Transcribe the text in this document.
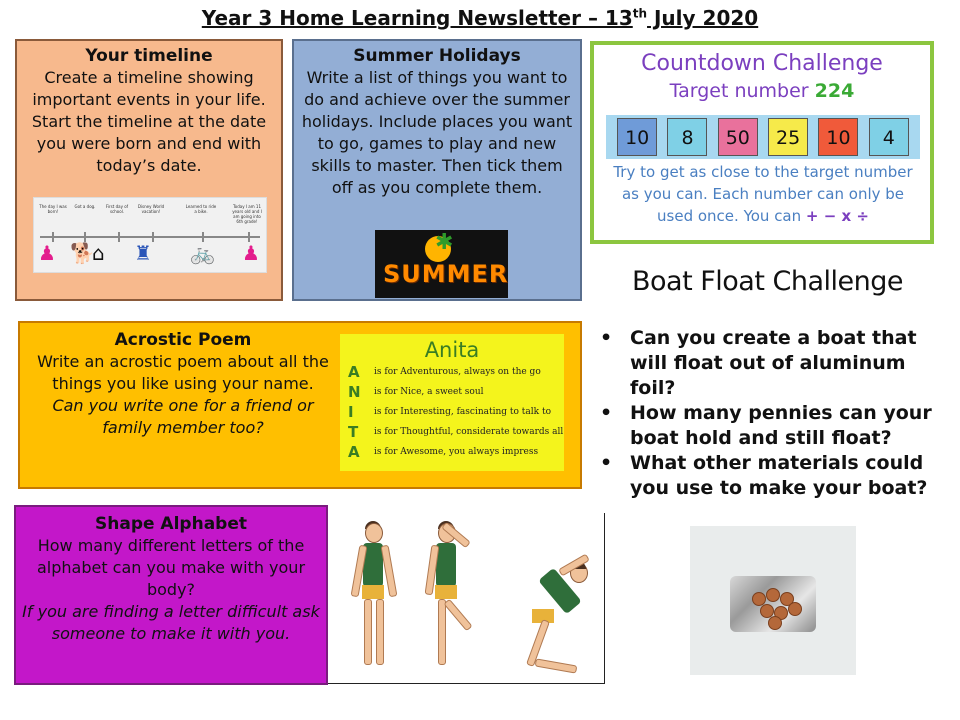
Year 3 Home Learning Newsletter – 13th July 2020
Your timeline

Create a timeline showing important events in your life. Start the timeline at the date you were born and end with today’s date.

The day I was born!
Got a dog.	First day of school.
Disney World vacation!
Learned to ride a bike.
Today I am 11 years old and I am going into 6th grade!
♟ 🐕
⌂ ♜ 🚲 ♟
Summer Holidays

Write a list of things you want to do and achieve over the summer holidays. Include places you want to go, games to play and new skills to master. Then tick them off as you complete them.

✱
SUMMER
Countdown Challenge
Target number 224
10	8	50	25	10	4
Try to get as close to the target number
as you can. Each number can only be
used once. You can + − x ÷
Boat Float Challenge
• Can you create a boat that will float out of aluminum foil?
• How many pennies can your boat hold and still float?
• What other materials could you use to make your boat?
Acrostic Poem

Write an acrostic poem about all the things you like using your name.

Can you write one for a friend or family member too?

Anita
A	is for Adventurous, always on the go
N	is for Nice, a sweet soul
I	is for Interesting, fascinating to talk to
T	is for Thoughtful, considerate towards all
A	is for Awesome, you always impress
Shape Alphabet

How many different letters of the alphabet can you make with your body?

If you are finding a letter difficult ask someone to make it with you.
